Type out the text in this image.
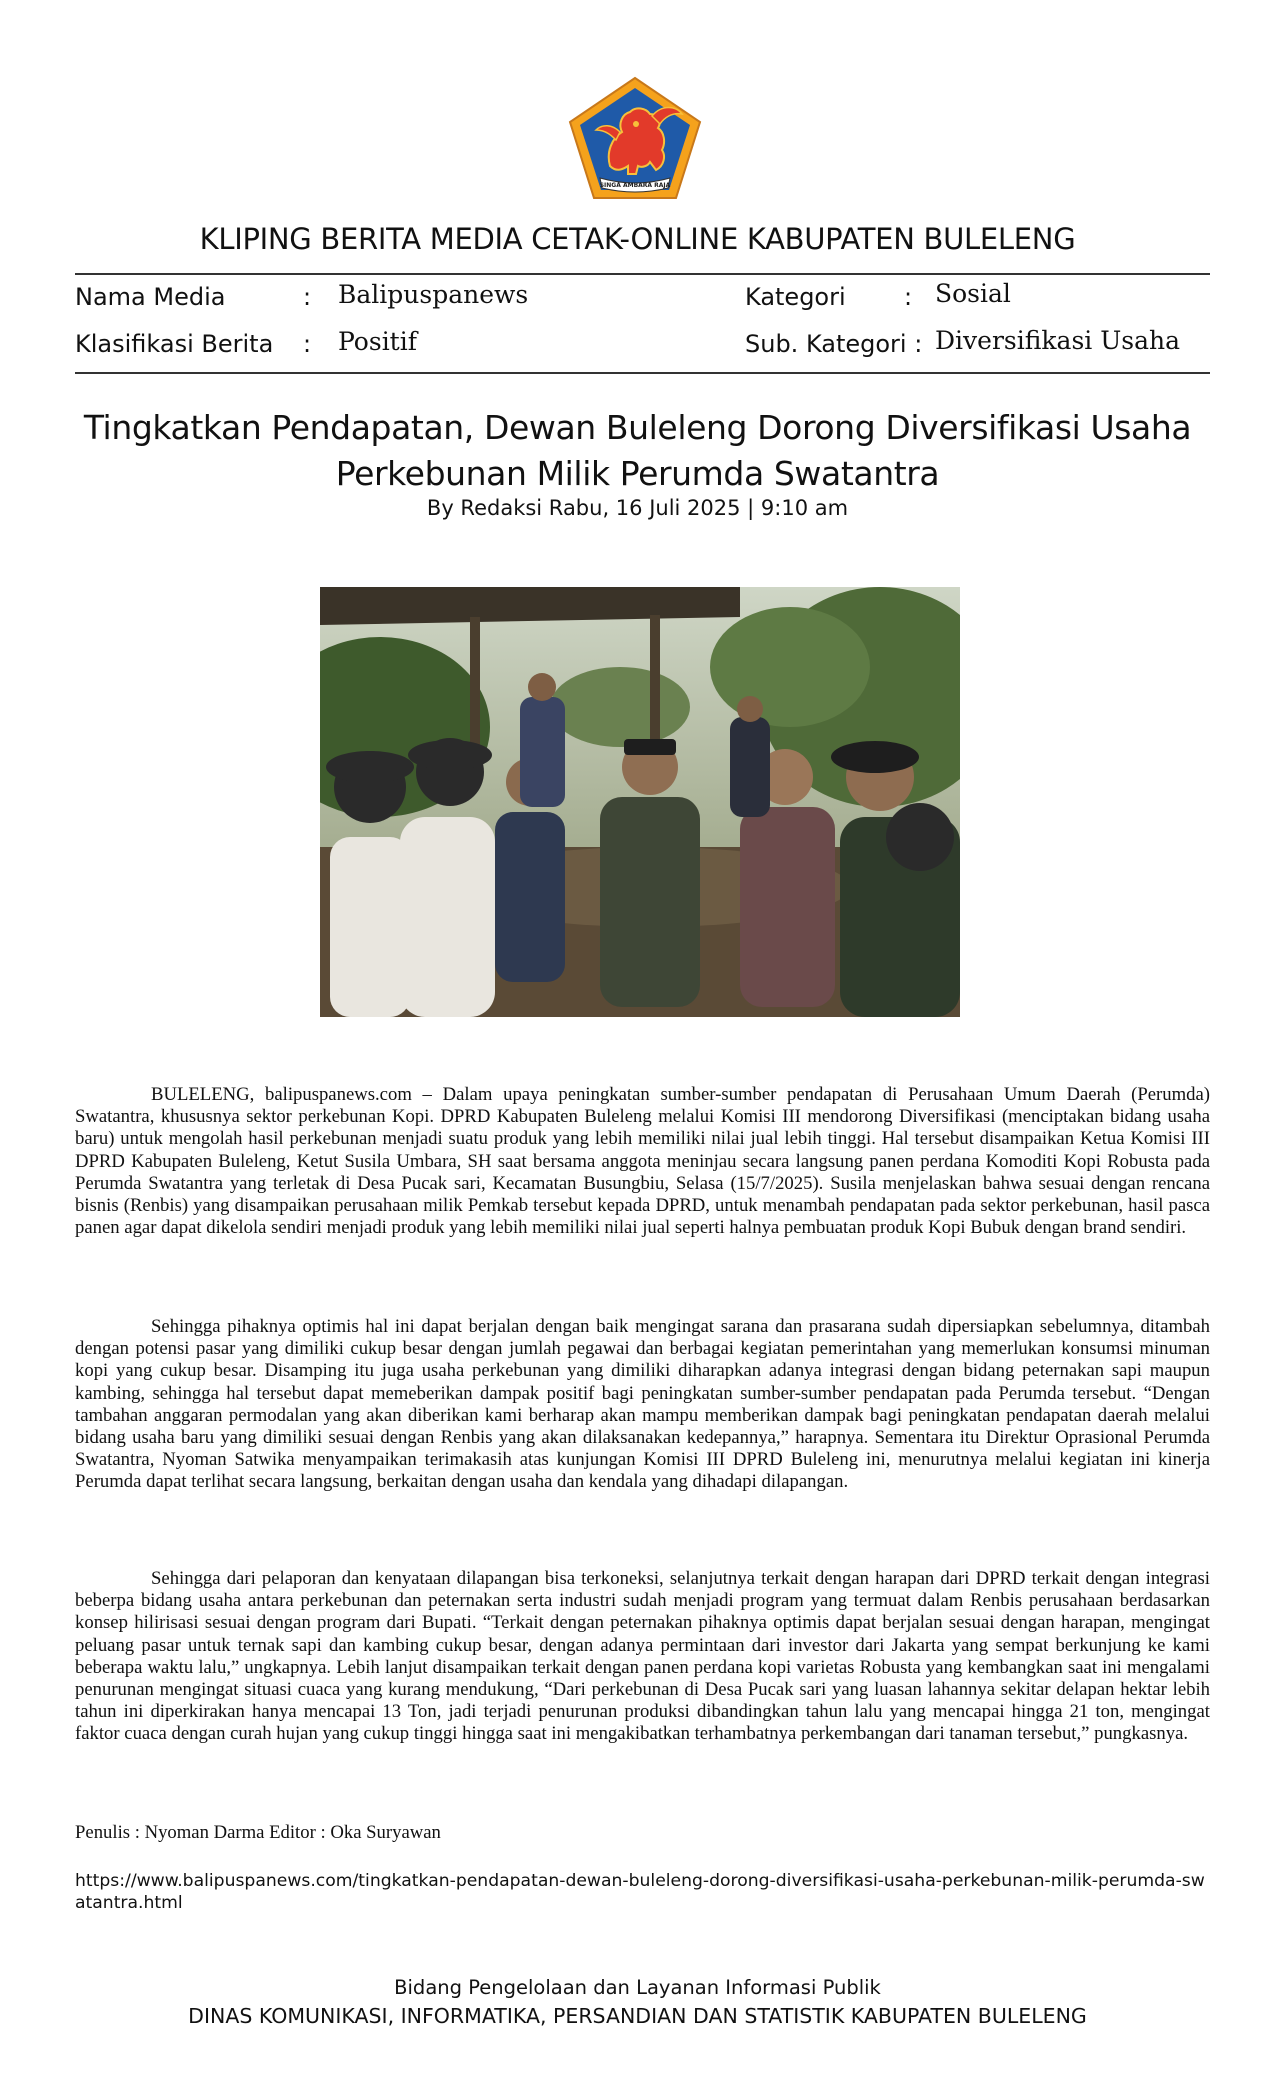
SINGA AMBARA RAJA
KLIPING BERITA MEDIA CETAK-ONLINE KABUPATEN BULELENG
Nama Media	: Balipuspanews	Kategori : Sosial
Klasifikasi Berita : Positif	Sub. Kategori : Diversifikasi Usaha
Tingkatkan Pendapatan, Dewan Buleleng Dorong Diversifikasi Usaha
Perkebunan Milik Perumda Swatantra
By Redaksi Rabu, 16 Juli 2025 | 9:10 am

BULELENG, balipuspanews.com – Dalam upaya peningkatan sumber-sumber pendapatan di Perusahaan Umum Daerah (Perumda) Swatantra, khususnya sektor perkebunan Kopi. DPRD Kabupaten Buleleng melalui Komisi III mendorong Diversifikasi (menciptakan bidang usaha baru) untuk mengolah hasil perkebunan menjadi suatu produk yang lebih memiliki nilai jual lebih tinggi. Hal tersebut disampaikan Ketua Komisi III DPRD Kabupaten Buleleng, Ketut Susila Umbara, SH saat bersama anggota meninjau secara langsung panen perdana Komoditi Kopi Robusta pada Perumda Swatantra yang terletak di Desa Pucak sari, Kecamatan Busungbiu, Selasa (15/7/2025). Susila menjelaskan bahwa sesuai dengan rencana bisnis (Renbis) yang disampaikan perusahaan milik Pemkab tersebut kepada DPRD, untuk menambah pendapatan pada sektor perkebunan, hasil pasca panen agar dapat dikelola sendiri menjadi produk yang lebih memiliki nilai jual seperti halnya pembuatan produk Kopi Bubuk dengan brand sendiri.

Sehingga pihaknya optimis hal ini dapat berjalan dengan baik mengingat sarana dan prasarana sudah dipersiapkan sebelumnya, ditambah dengan potensi pasar yang dimiliki cukup besar dengan jumlah pegawai dan berbagai kegiatan pemerintahan yang memerlukan konsumsi minuman kopi yang cukup besar. Disamping itu juga usaha perkebunan yang dimiliki diharapkan adanya integrasi dengan bidang peternakan sapi maupun kambing, sehingga hal tersebut dapat memeberikan dampak positif bagi peningkatan sumber-sumber pendapatan pada Perumda tersebut. “Dengan tambahan anggaran permodalan yang akan diberikan kami berharap akan mampu memberikan dampak bagi peningkatan pendapatan daerah melalui bidang usaha baru yang dimiliki sesuai dengan Renbis yang akan dilaksanakan kedepannya,” harapnya. Sementara itu Direktur Oprasional Perumda Swatantra, Nyoman Satwika menyampaikan terimakasih atas kunjungan Komisi III DPRD Buleleng ini, menurutnya melalui kegiatan ini kinerja Perumda dapat terlihat secara langsung, berkaitan dengan usaha dan kendala yang dihadapi dilapangan.

Sehingga dari pelaporan dan kenyataan dilapangan bisa terkoneksi, selanjutnya terkait dengan harapan dari DPRD terkait dengan integrasi beberpa bidang usaha antara perkebunan dan peternakan serta industri sudah menjadi program yang termuat dalam Renbis perusahaan berdasarkan konsep hilirisasi sesuai dengan program dari Bupati. “Terkait dengan peternakan pihaknya optimis dapat berjalan sesuai dengan harapan, mengingat peluang pasar untuk ternak sapi dan kambing cukup besar, dengan adanya permintaan dari investor dari Jakarta yang sempat berkunjung ke kami beberapa waktu lalu,” ungkapnya. Lebih lanjut disampaikan terkait dengan panen perdana kopi varietas Robusta yang kembangkan saat ini mengalami penurunan mengingat situasi cuaca yang kurang mendukung, “Dari perkebunan di Desa Pucak sari yang luasan lahannya sekitar delapan hektar lebih tahun ini diperkirakan hanya mencapai 13 Ton, jadi terjadi penurunan produksi dibandingkan tahun lalu yang mencapai hingga 21 ton, mengingat faktor cuaca dengan curah hujan yang cukup tinggi hingga saat ini mengakibatkan terhambatnya perkembangan dari tanaman tersebut,” pungkasnya.

Penulis : Nyoman Darma Editor : Oka Suryawan
https://www.balipuspanews.com/tingkatkan-pendapatan-dewan-buleleng-dorong-diversifikasi-usaha-perkebunan-milik-perumda-swatantra.html
Bidang Pengelolaan dan Layanan Informasi Publik
DINAS KOMUNIKASI, INFORMATIKA, PERSANDIAN DAN STATISTIK KABUPATEN BULELENG
